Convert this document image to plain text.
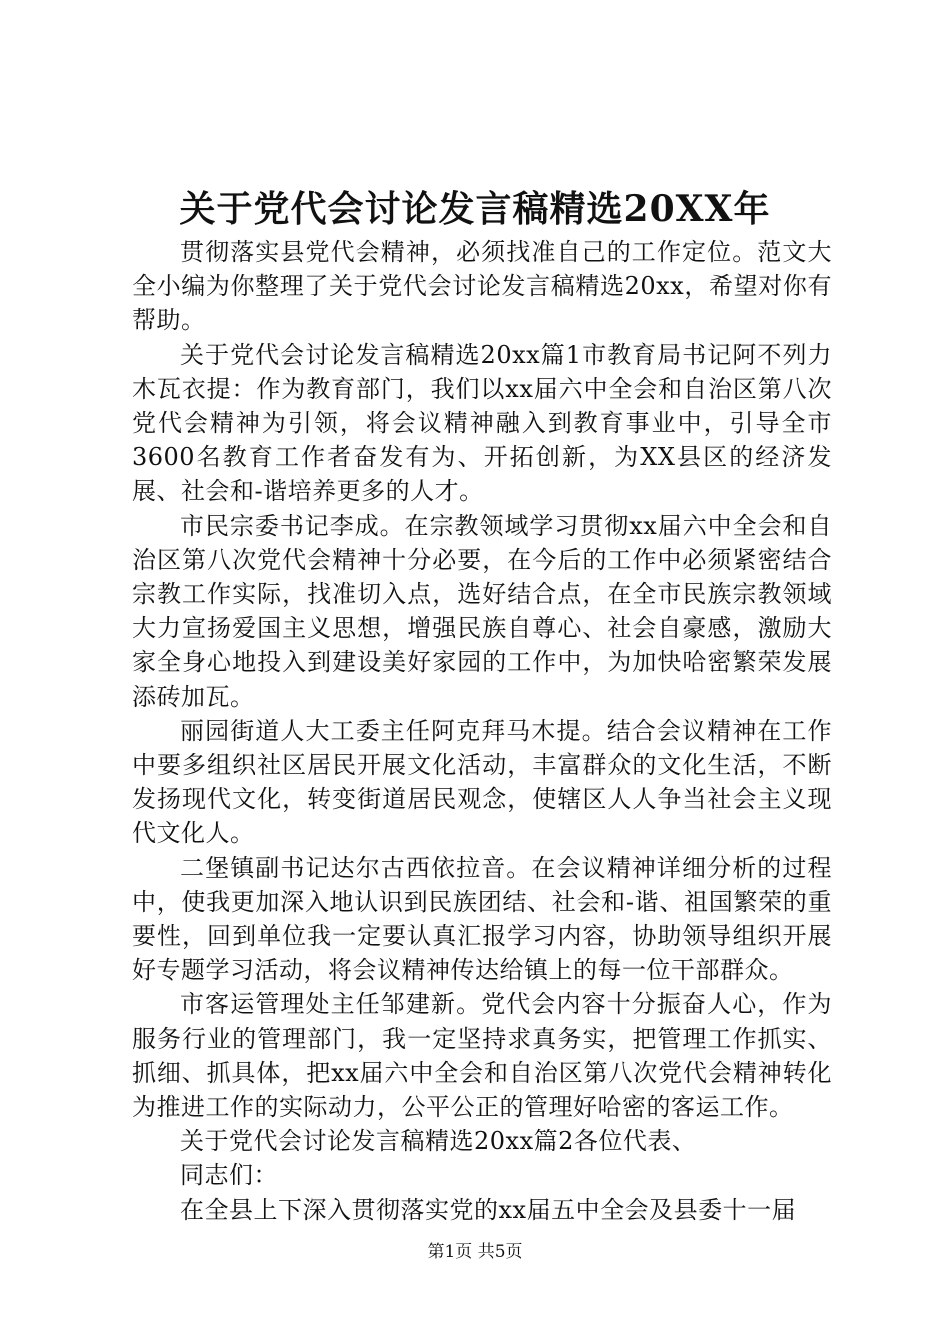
关于党代会讨论发言稿精选20XX年

贯彻落实县党代会精神，必须找准自己的工作定位。范文大全小编为你整理了关于党代会讨论发言稿精选20xx，希望对你有帮助。

关于党代会讨论发言稿精选20xx篇1市教育局书记阿不列力木瓦衣提：作为教育部门，我们以xx届六中全会和自治区第八次党代会精神为引领，将会议精神融入到教育事业中，引导全市3600名教育工作者奋发有为、开拓创新，为XX县区的经济发展、社会和-谐培养更多的人才。

市民宗委书记李成。在宗教领域学习贯彻xx届六中全会和自治区第八次党代会精神十分必要，在今后的工作中必须紧密结合宗教工作实际，找准切入点，选好结合点，在全市民族宗教领域大力宣扬爱国主义思想，增强民族自尊心、社会自豪感，激励大家全身心地投入到建设美好家园的工作中，为加快哈密繁荣发展添砖加瓦。

丽园街道人大工委主任阿克拜马木提。结合会议精神在工作中要多组织社区居民开展文化活动，丰富群众的文化生活，不断发扬现代文化，转变街道居民观念，使辖区人人争当社会主义现代文化人。

二堡镇副书记达尔古西依拉音。在会议精神详细分析的过程中，使我更加深入地认识到民族团结、社会和-谐、祖国繁荣的重要性，回到单位我一定要认真汇报学习内容，协助领导组织开展好专题学习活动，将会议精神传达给镇上的每一位干部群众。

市客运管理处主任邹建新。党代会内容十分振奋人心，作为服务行业的管理部门，我一定坚持求真务实，把管理工作抓实、抓细、抓具体，把xx届六中全会和自治区第八次党代会精神转化为推进工作的实际动力，公平公正的管理好哈密的客运工作。

关于党代会讨论发言稿精选20xx篇2各位代表、

同志们：

在全县上下深入贯彻落实党的xx届五中全会及县委十一届

第1页 共5页
